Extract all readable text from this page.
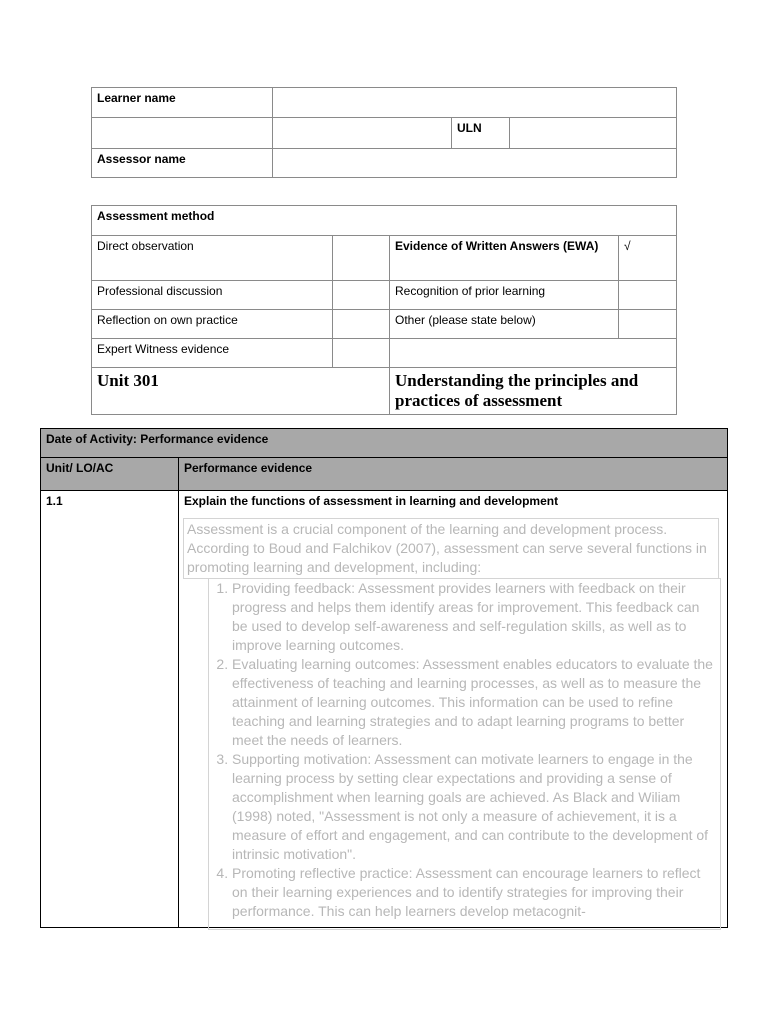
Learner name			
		ULN	
Assessor name			
Assessment method			
Direct observation		Evidence of Written Answers (EWA)	√
Professional discussion		Recognition of prior learning	
Reflection on own practice		Other (please state below)	
Expert Witness evidence			
Unit 301		Understanding the principles and practices of assessment	
Date of Activity: Performance evidence	
Unit/ LO/AC	Performance evidence
1.1	Explain the functions of assessment in learning and development
Assessment is a crucial component of the learning and development process. According to Boud and Falchikov (2007), assessment can serve several functions in promoting learning and development, including:
1. Providing feedback: Assessment provides learners with feedback on their progress and helps them identify areas for improvement. This feedback can be used to develop self-awareness and self-regulation skills, as well as to improve learning outcomes.
2. Evaluating learning outcomes: Assessment enables educators to evaluate the effectiveness of teaching and learning processes, as well as to measure the attainment of learning outcomes. This information can be used to refine teaching and learning strategies and to adapt learning programs to better meet the needs of learners.
3. Supporting motivation: Assessment can motivate learners to engage in the learning process by setting clear expectations and providing a sense of accomplishment when learning goals are achieved. As Black and Wiliam (1998) noted, "Assessment is not only a measure of achievement, it is a measure of effort and engagement, and can contribute to the development of intrinsic motivation".
4. Promoting reflective practice: Assessment can encourage learners to reflect on their learning experiences and to identify strategies for improving their performance. This can help learners develop metacognit-
